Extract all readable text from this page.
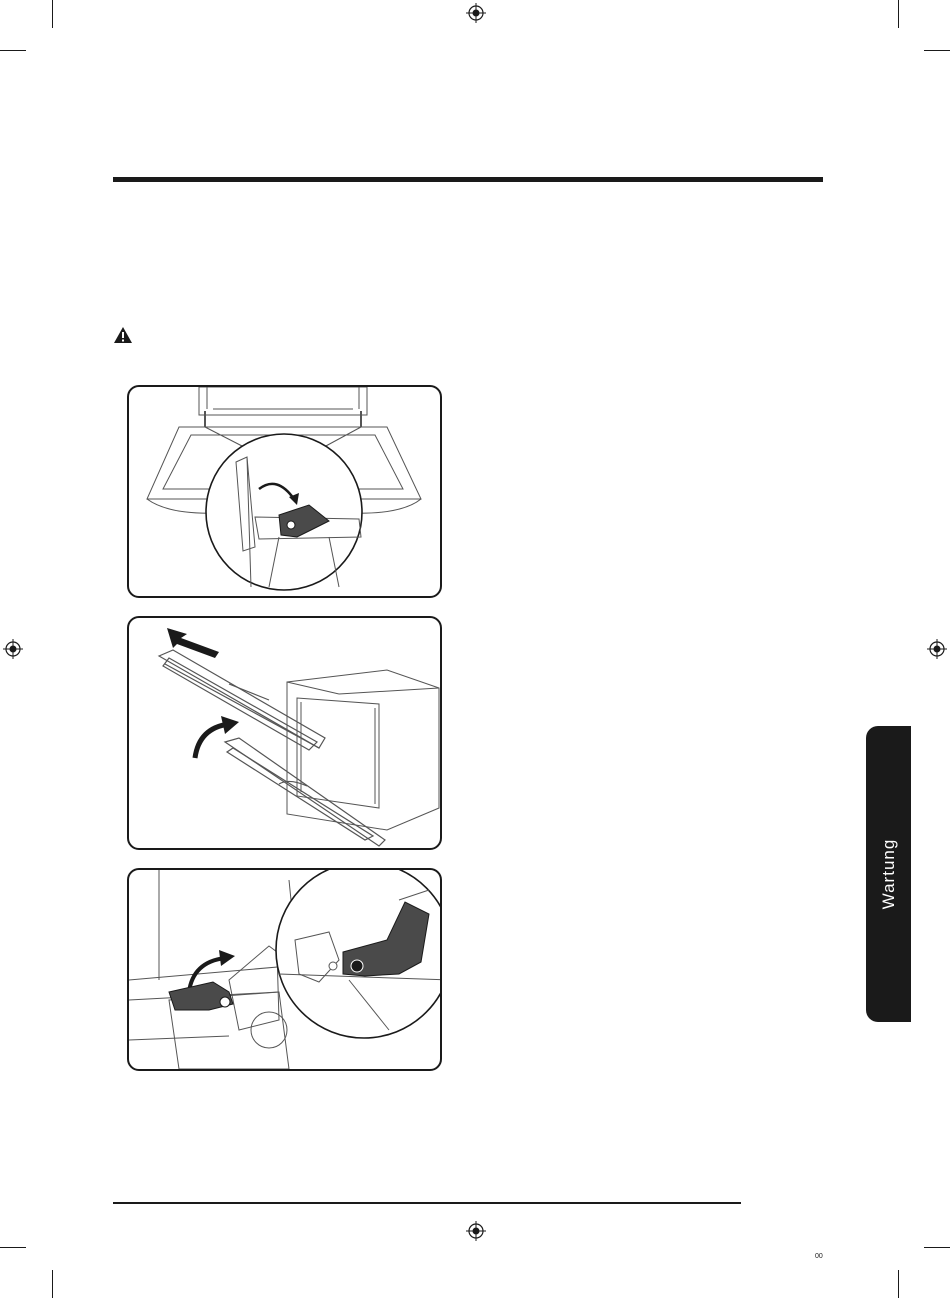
Wartung
00
